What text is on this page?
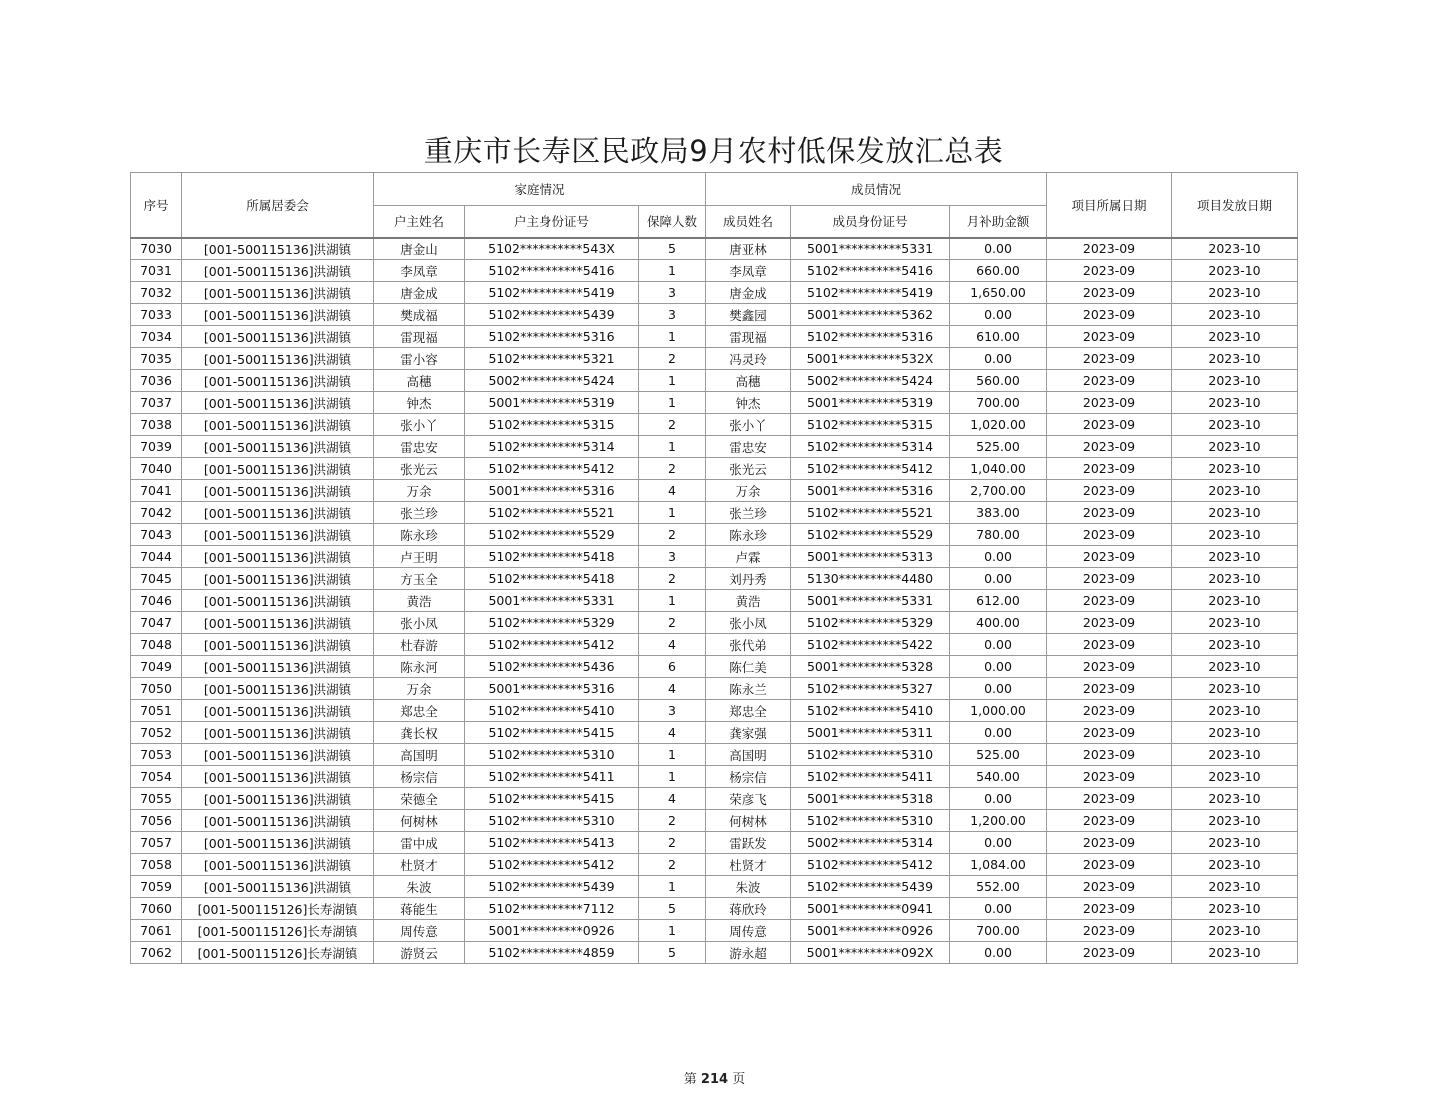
重庆市长寿区民政局9月农村低保发放汇总表
序号	所属居委会	家庭情况			成员情况			项目所属日期	项目发放日期
		户主姓名	户主身份证号	保障人数	成员姓名	成员身份证号	月补助金额		
7030	[001-500115136]洪湖镇	唐金山	5102**********543X	5	唐亚林	5001**********5331	0.00	2023-09	2023-10
7031	[001-500115136]洪湖镇	李凤章	5102**********5416	1	李凤章	5102**********5416	660.00	2023-09	2023-10
7032	[001-500115136]洪湖镇	唐金成	5102**********5419	3	唐金成	5102**********5419	1,650.00	2023-09	2023-10
7033	[001-500115136]洪湖镇	樊成福	5102**********5439	3	樊鑫园	5001**********5362	0.00	2023-09	2023-10
7034	[001-500115136]洪湖镇	雷现福	5102**********5316	1	雷现福	5102**********5316	610.00	2023-09	2023-10
7035	[001-500115136]洪湖镇	雷小容	5102**********5321	2	冯灵玲	5001**********532X	0.00	2023-09	2023-10
7036	[001-500115136]洪湖镇	高穗	5002**********5424	1	高穗	5002**********5424	560.00	2023-09	2023-10
7037	[001-500115136]洪湖镇	钟杰	5001**********5319	1	钟杰	5001**********5319	700.00	2023-09	2023-10
7038	[001-500115136]洪湖镇	张小丫	5102**********5315	2	张小丫	5102**********5315	1,020.00	2023-09	2023-10
7039	[001-500115136]洪湖镇	雷忠安	5102**********5314	1	雷忠安	5102**********5314	525.00	2023-09	2023-10
7040	[001-500115136]洪湖镇	张光云	5102**********5412	2	张光云	5102**********5412	1,040.00	2023-09	2023-10
7041	[001-500115136]洪湖镇	万余	5001**********5316	4	万余	5001**********5316	2,700.00	2023-09	2023-10
7042	[001-500115136]洪湖镇	张兰珍	5102**********5521	1	张兰珍	5102**********5521	383.00	2023-09	2023-10
7043	[001-500115136]洪湖镇	陈永珍	5102**********5529	2	陈永珍	5102**********5529	780.00	2023-09	2023-10
7044	[001-500115136]洪湖镇	卢王明	5102**********5418	3	卢霖	5001**********5313	0.00	2023-09	2023-10
7045	[001-500115136]洪湖镇	方玉全	5102**********5418	2	刘丹秀	5130**********4480	0.00	2023-09	2023-10
7046	[001-500115136]洪湖镇	黄浩	5001**********5331	1	黄浩	5001**********5331	612.00	2023-09	2023-10
7047	[001-500115136]洪湖镇	张小凤	5102**********5329	2	张小凤	5102**********5329	400.00	2023-09	2023-10
7048	[001-500115136]洪湖镇	杜春游	5102**********5412	4	张代弟	5102**********5422	0.00	2023-09	2023-10
7049	[001-500115136]洪湖镇	陈永河	5102**********5436	6	陈仁美	5001**********5328	0.00	2023-09	2023-10
7050	[001-500115136]洪湖镇	万余	5001**********5316	4	陈永兰	5102**********5327	0.00	2023-09	2023-10
7051	[001-500115136]洪湖镇	郑忠全	5102**********5410	3	郑忠全	5102**********5410	1,000.00	2023-09	2023-10
7052	[001-500115136]洪湖镇	龚长权	5102**********5415	4	龚家强	5001**********5311	0.00	2023-09	2023-10
7053	[001-500115136]洪湖镇	高国明	5102**********5310	1	高国明	5102**********5310	525.00	2023-09	2023-10
7054	[001-500115136]洪湖镇	杨宗信	5102**********5411	1	杨宗信	5102**********5411	540.00	2023-09	2023-10
7055	[001-500115136]洪湖镇	荣德全	5102**********5415	4	荣彦飞	5001**********5318	0.00	2023-09	2023-10
7056	[001-500115136]洪湖镇	何树林	5102**********5310	2	何树林	5102**********5310	1,200.00	2023-09	2023-10
7057	[001-500115136]洪湖镇	雷中成	5102**********5413	2	雷跃发	5002**********5314	0.00	2023-09	2023-10
7058	[001-500115136]洪湖镇	杜贤才	5102**********5412	2	杜贤才	5102**********5412	1,084.00	2023-09	2023-10
7059	[001-500115136]洪湖镇	朱波	5102**********5439	1	朱波	5102**********5439	552.00	2023-09	2023-10
7060	[001-500115126]长寿湖镇	蒋能生	5102**********7112	5	蒋欣玲	5001**********0941	0.00	2023-09	2023-10
7061	[001-500115126]长寿湖镇	周传意	5001**********0926	1	周传意	5001**********0926	700.00	2023-09	2023-10
7062	[001-500115126]长寿湖镇	游贤云	5102**********4859	5	游永超	5001**********092X	0.00	2023-09	2023-10
第 214 页
